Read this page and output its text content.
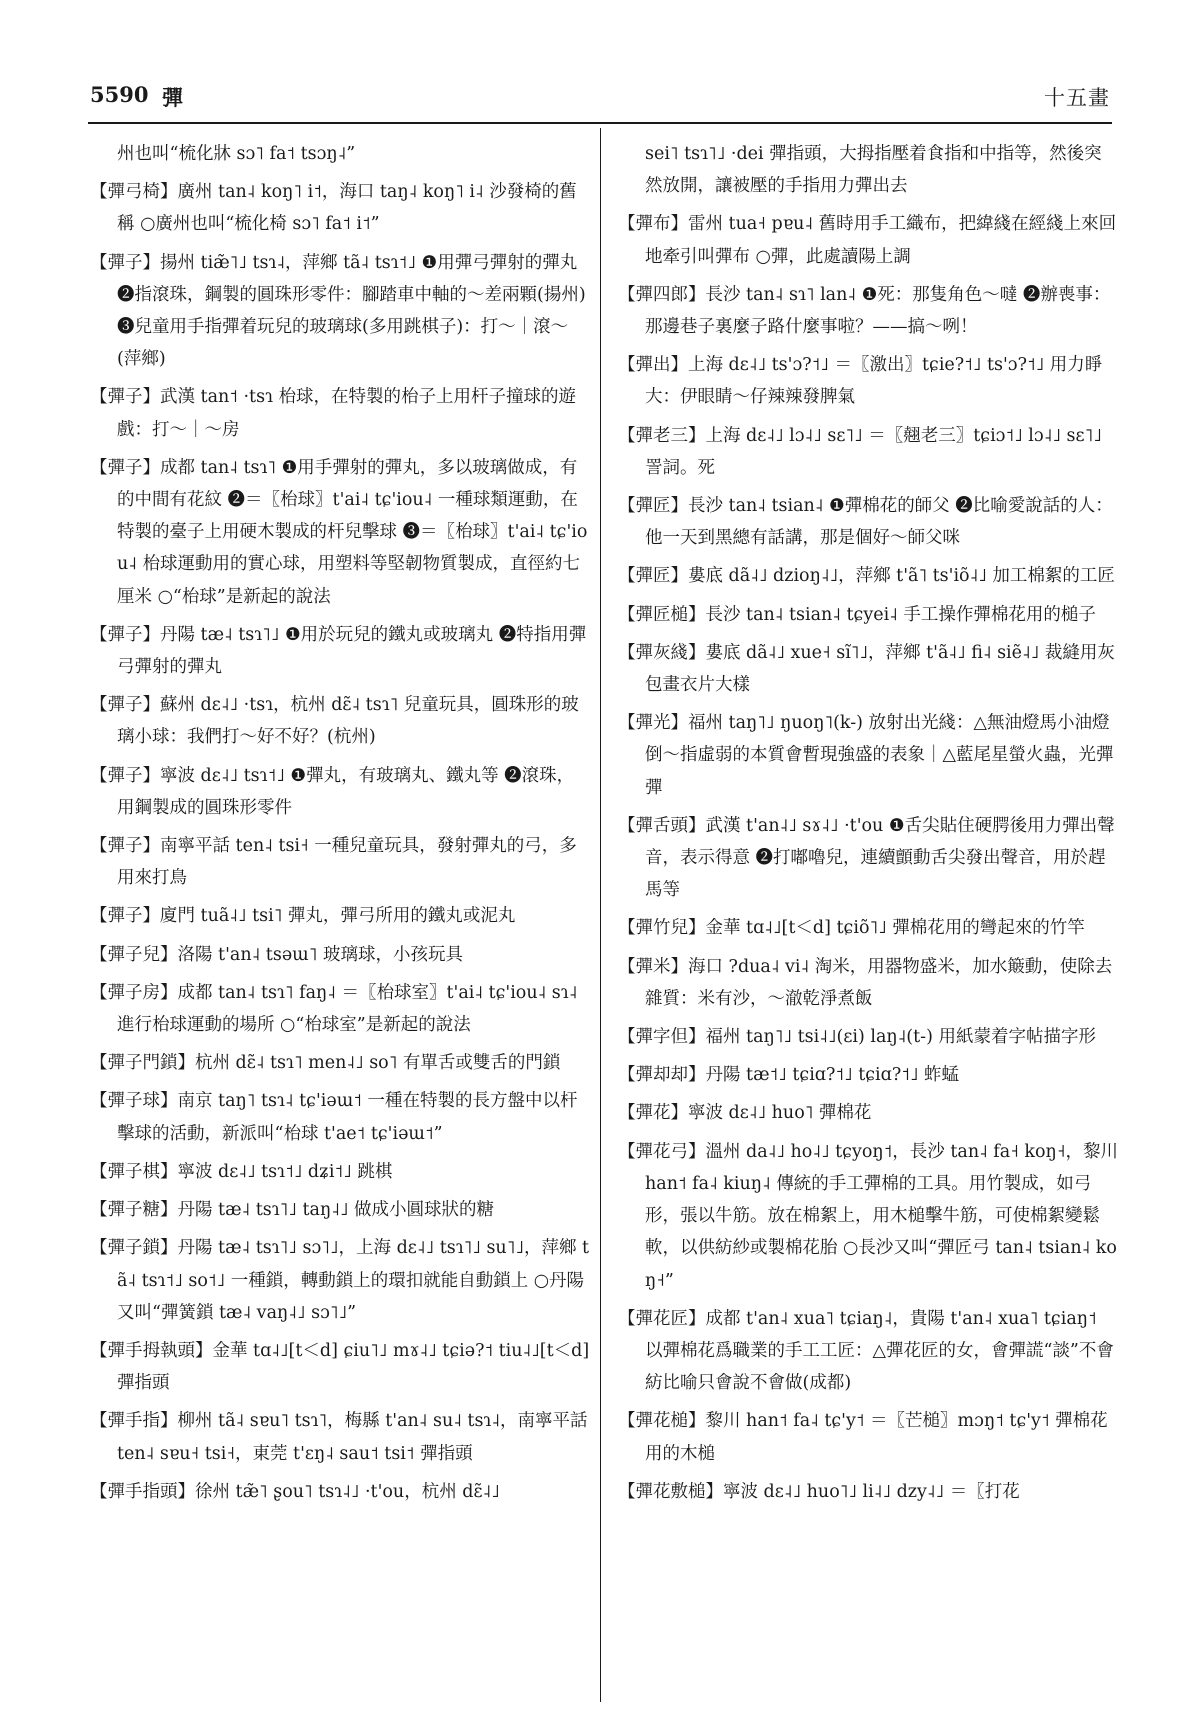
5590 彈	十五畫

州也叫“梳化牀 sɔ˥ fa˦ tsɔŋ˨”

【彈弓椅】廣州 tan˨ koŋ˥ i˦，海口 taŋ˨ koŋ˥ i˨ 沙發椅的舊稱 ○廣州也叫“梳化椅 sɔ˥ fa˦ i˦”

【彈子】揚州 tiæ̃˥˩ tsɿ˨，萍鄉 tã˨ tsɿ˦˩ ❶用彈弓彈射的彈丸 ❷指滾珠，鋼製的圓珠形零件：腳踏車中軸的～差兩顆(揚州) ❸兒童用手指彈着玩兒的玻璃球(多用跳棋子)：打～｜滾～(萍鄉)

【彈子】武漢 tan˦ ·tsɿ 枱球，在特製的枱子上用杆子撞球的遊戲：打～｜～房

【彈子】成都 tan˨ tsɿ˥ ❶用手彈射的彈丸，多以玻璃做成，有的中間有花紋 ❷＝〖枱球〗t'ai˨ tɕ'iou˨ 一種球類運動，在特製的臺子上用硬木製成的杆兒擊球 ❸＝〖枱球〗t'ai˨ tɕ'iou˨ 枱球運動用的實心球，用塑料等堅韌物質製成，直徑約七厘米 ○“枱球”是新起的說法

【彈子】丹陽 tæ˨ tsɿ˥˩ ❶用於玩兒的鐵丸或玻璃丸 ❷特指用彈弓彈射的彈丸

【彈子】蘇州 dɛ˨˩ ·tsɿ，杭州 dɛ̃˨ tsɿ˥ 兒童玩具，圓珠形的玻璃小球：我們打～好不好？(杭州)

【彈子】寧波 dɛ˨˩ tsɿ˦˩ ❶彈丸，有玻璃丸、鐵丸等 ❷滾珠，用鋼製成的圓珠形零件

【彈子】南寧平話 ten˨ tsi˧ 一種兒童玩具，發射彈丸的弓，多用來打鳥

【彈子】廈門 tuã˨˩ tsi˥ 彈丸，彈弓所用的鐵丸或泥丸

【彈子兒】洛陽 t'an˨ tsəɯ˥ 玻璃球，小孩玩具

【彈子房】成都 tan˨ tsɿ˥ faŋ˨ ＝〖枱球室〗t'ai˨ tɕ'iou˨ sɿ˨ 進行枱球運動的場所 ○“枱球室”是新起的說法

【彈子門鎖】杭州 dɛ̃˨ tsɿ˥ men˨˩ so˥ 有單舌或雙舌的門鎖

【彈子球】南京 taŋ˥ tsɿ˨ tɕ'iəɯ˦ 一種在特製的長方盤中以杆擊球的活動，新派叫“枱球 t'ae˦ tɕ'iəɯ˦”

【彈子棋】寧波 dɛ˨˩ tsɿ˦˩ dʑi˦˩ 跳棋

【彈子糖】丹陽 tæ˨ tsɿ˥˩ taŋ˨˩ 做成小圓球狀的糖

【彈子鎖】丹陽 tæ˨ tsɿ˥˩ sɔ˥˩，上海 dɛ˨˩ tsɿ˥˩ su˥˩，萍鄉 tã˨ tsɿ˦˩ so˦˩ 一種鎖，轉動鎖上的環扣就能自動鎖上 ○丹陽又叫“彈簧鎖 tæ˨ vaŋ˨˩ sɔ˥˩”

【彈手拇執頭】金華 tɑ˨˩[t＜d] ɕiu˥˩ mɤ˨˩ tɕiə?˦ tiu˨˩[t＜d] 彈指頭

【彈手指】柳州 tã˨ sɐu˥ tsɿ˥，梅縣 t'an˨ su˨ tsɿ˨，南寧平話 ten˨ sɐu˧ tsi˧，東莞 t'ɛŋ˨ sau˦ tsi˦ 彈指頭

【彈手指頭】徐州 tæ̃˥ ʂou˥ tsɿ˨˩ ·t'ou，杭州 dɛ̃˨˩

sei˥ tsɿ˥˩ ·dei 彈指頭，大拇指壓着食指和中指等，然後突然放開，讓被壓的手指用力彈出去

【彈布】雷州 tua˧ pɐu˨ 舊時用手工織布，把緯綫在經綫上來回地牽引叫彈布 ○彈，此處讀陽上調

【彈四郎】長沙 tan˨ sɿ˥ lan˨ ❶死：那隻角色～噠 ❷辦喪事：那邊巷子裏麼子路什麼事啦？——搞～咧！

【彈出】上海 dɛ˨˩ ts'ɔ?˦˩ ＝〖激出〗tɕie?˦˩ ts'ɔ?˦˩ 用力睜大：伊眼睛～仔辣辣發脾氣

【彈老三】上海 dɛ˨˩ lɔ˨˩ sɛ˥˩ ＝〖翹老三〗tɕiɔ˦˩ lɔ˨˩ sɛ˥˩ 詈詞。死

【彈匠】長沙 tan˨ tsian˨ ❶彈棉花的師父 ❷比喻愛說話的人：他一天到黑總有話講，那是個好～師父咪

【彈匠】婁底 dã˨˩ dzioŋ˨˩，萍鄉 t'ã˥ ts'iõ˨˩ 加工棉絮的工匠

【彈匠槌】長沙 tan˨ tsian˨ tɕyei˨ 手工操作彈棉花用的槌子

【彈灰綫】婁底 dã˨˩ xue˧ sĩ˥˩，萍鄉 t'ã˨˩ fi˨ siẽ˨˩ 裁縫用灰包畫衣片大樣

【彈光】福州 taŋ˥˩ ŋuoŋ˥(k-) 放射出光綫：△無油燈馬小油燈倒～指虛弱的本質會暫現強盛的表象｜△藍尾星螢火蟲，光彈彈

【彈舌頭】武漢 t'an˨˩ sɤ˨˩ ·t'ou ❶舌尖貼住硬腭後用力彈出聲音，表示得意 ❷打嘟嚕兒，連續顫動舌尖發出聲音，用於趕馬等

【彈竹兒】金華 tɑ˨˩[t＜d] tɕiõ˥˩ 彈棉花用的彎起來的竹竿

【彈米】海口 ?dua˨ vi˨ 淘米，用器物盛米，加水簸動，使除去雜質：米有沙，～澈乾淨煮飯

【彈字但】福州 taŋ˥˩ tsi˨˩(ɛi) laŋ˨(t-) 用紙蒙着字帖描字形

【彈却却】丹陽 tæ˦˩ tɕiɑ?˦˩ tɕiɑ?˦˩ 蚱蜢

【彈花】寧波 dɛ˨˩ huo˥ 彈棉花

【彈花弓】溫州 da˨˩ ho˨˩ tɕyoŋ˦，長沙 tan˨ fa˧ koŋ˧，黎川 han˦ fa˨ kiuŋ˨ 傳統的手工彈棉的工具。用竹製成，如弓形，張以牛筋。放在棉絮上，用木槌擊牛筋，可使棉絮變鬆軟，以供紡紗或製棉花胎 ○長沙又叫“彈匠弓 tan˨ tsian˨ koŋ˧”

【彈花匠】成都 t'an˨ xua˥ tɕiaŋ˨，貴陽 t'an˨ xua˥ tɕiaŋ˦ 以彈棉花爲職業的手工工匠：△彈花匠的女，會彈謊“談”不會紡比喻只會說不會做(成都)

【彈花槌】黎川 han˦ fa˨ tɕ'y˦ ＝〖芒槌〗mɔŋ˦ tɕ'y˦ 彈棉花用的木槌

【彈花敷槌】寧波 dɛ˨˩ huo˥˩ li˨˩ dzy˨˩ ＝〖打花
